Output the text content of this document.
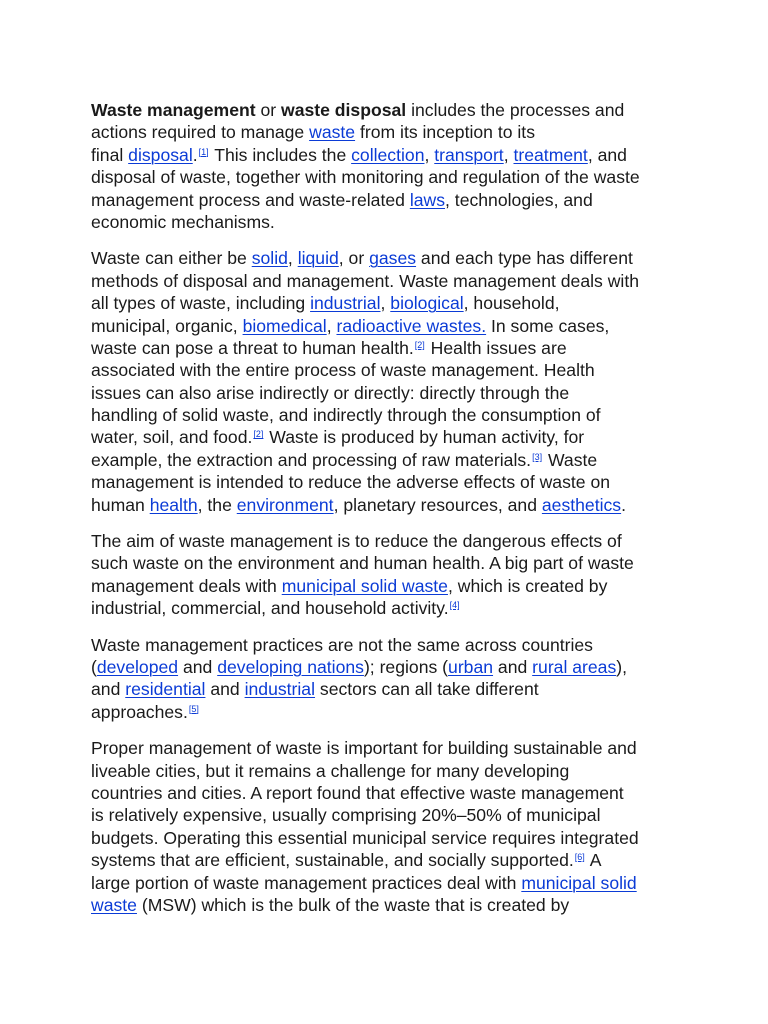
Waste management or waste disposal includes the processes and
actions required to manage waste from its inception to its
final disposal.[1] This includes the collection, transport, treatment, and
disposal of waste, together with monitoring and regulation of the waste
management process and waste-related laws, technologies, and
economic mechanisms.
Waste can either be solid, liquid, or gases and each type has different
methods of disposal and management. Waste management deals with
all types of waste, including industrial, biological, household,
municipal, organic, biomedical, radioactive wastes. In some cases,
waste can pose a threat to human health.[2] Health issues are
associated with the entire process of waste management. Health
issues can also arise indirectly or directly: directly through the
handling of solid waste, and indirectly through the consumption of
water, soil, and food.[2] Waste is produced by human activity, for
example, the extraction and processing of raw materials.[3] Waste
management is intended to reduce the adverse effects of waste on
human health, the environment, planetary resources, and aesthetics.
The aim of waste management is to reduce the dangerous effects of
such waste on the environment and human health. A big part of waste
management deals with municipal solid waste, which is created by
industrial, commercial, and household activity.[4]
Waste management practices are not the same across countries
(developed and developing nations); regions (urban and rural areas),
and residential and industrial sectors can all take different
approaches.[5]
Proper management of waste is important for building sustainable and
liveable cities, but it remains a challenge for many developing
countries and cities. A report found that effective waste management
is relatively expensive, usually comprising 20%–50% of municipal
budgets. Operating this essential municipal service requires integrated
systems that are efficient, sustainable, and socially supported.[6] A
large portion of waste management practices deal with municipal solid
waste (MSW) which is the bulk of the waste that is created by
